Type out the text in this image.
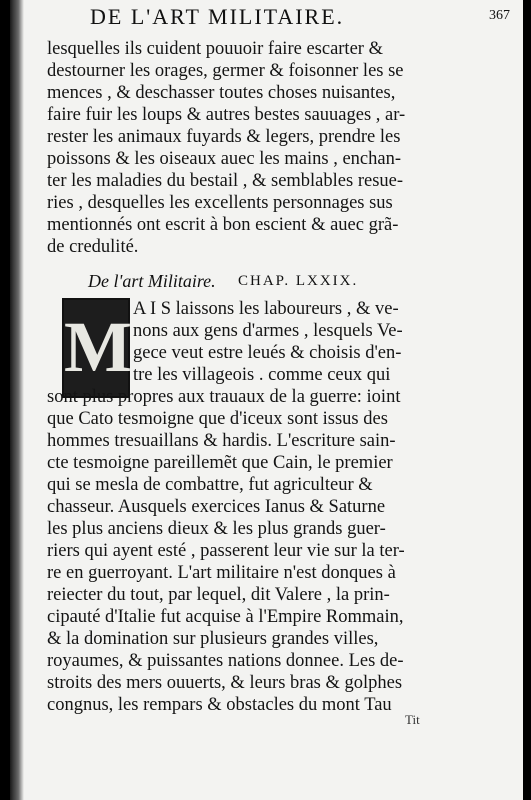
DE L'ART MILITAIRE.	367
lesquelles ils cuident pouuoir faire escarter &
destourner les orages, germer & foisonner les se
mences , & deschasser toutes choses nuisantes,
faire fuir les loups & autres bestes sauuages , ar-
rester les animaux fuyards & legers, prendre les
poissons & les oiseaux auec les mains , enchan-
ter les maladies du bestail , & semblables resue-
ries , desquelles les excellents personnages sus
mentionnés ont escrit à bon escient & auec grã-
de credulité.
De l'art Militaire. CHAP. LXXIX.
M A I S laissons les laboureurs , & ve-
nons aux gens d'armes , lesquels Ve-
gece veut estre leués & choisis d'en-
tre les villageois . comme ceux qui
sont plus propres aux trauaux de la guerre: ioint
que Cato tesmoigne que d'iceux sont issus des
hommes tresuaillans & hardis. L'escriture sain-
cte tesmoigne pareillemẽt que Cain, le premier
qui se mesla de combattre, fut agriculteur &
chasseur. Ausquels exercices Ianus & Saturne
les plus anciens dieux & les plus grands guer-
riers qui ayent esté , passerent leur vie sur la ter-
re en guerroyant. L'art militaire n'est donques à
reiecter du tout, par lequel, dit Valere , la prin-
cipauté d'Italie fut acquise à l'Empire Rommain,
& la domination sur plusieurs grandes villes,
royaumes, & puissantes nations donnee. Les de-
stroits des mers ouuerts, & leurs bras & golphes
congnus, les rempars & obstacles du mont Tau
Tit
